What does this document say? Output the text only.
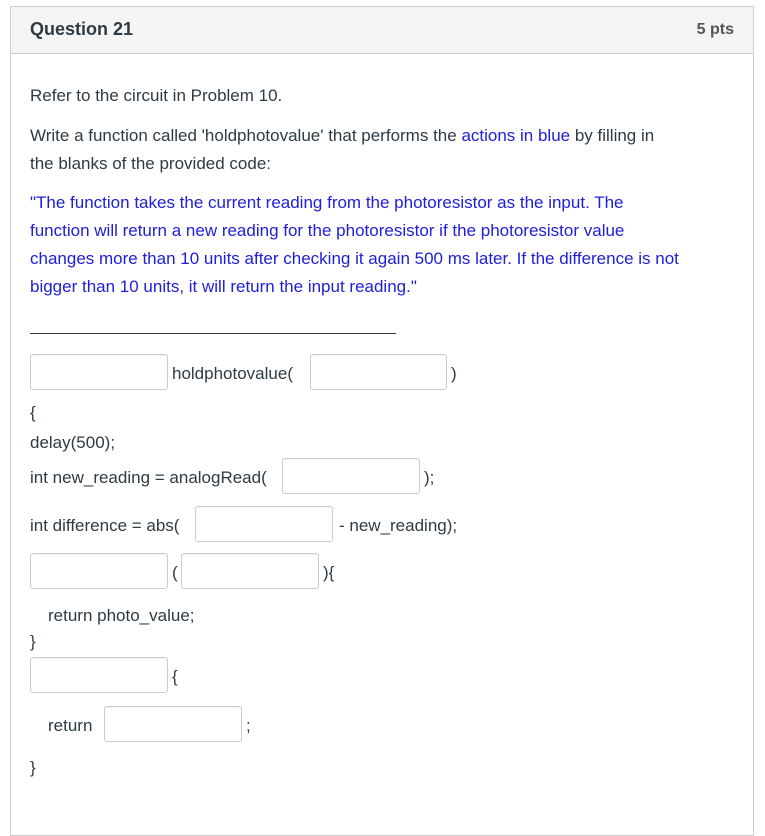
Question 21	5 pts
Refer to the circuit in Problem 10.
Write a function called 'holdphotovalue' that performs the actions in blue by filling in
the blanks of the provided code:
"The function takes the current reading from the photoresistor as the input. The
function will return a new reading for the photoresistor if the photoresistor value
changes more than 10 units after checking it again 500 ms later. If the difference is not
bigger than 10 units, it will return the input reading."
holdphotovalue(	)
{
delay(500);
int new_reading = analogRead(	);
int difference = abs(	- new_reading);
(	){
return photo_value;
}
{
return	;
}
